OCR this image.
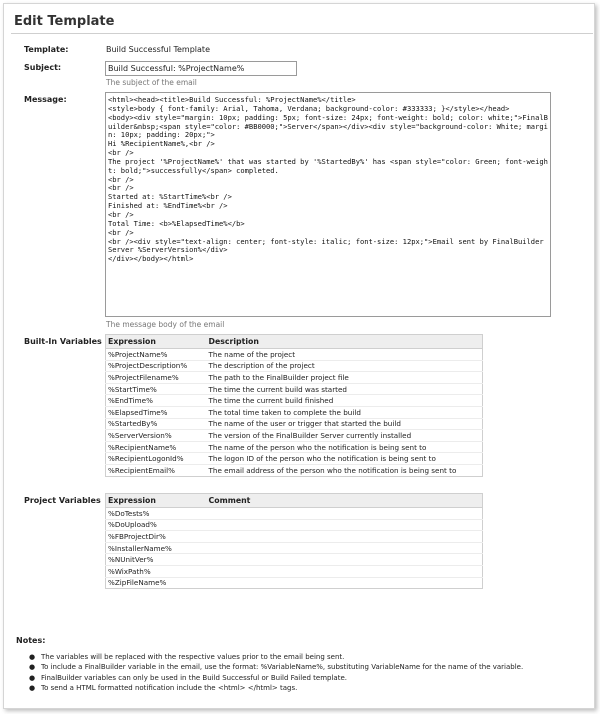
Edit Template
Template:	Build Successful Template
Subject:
Build Successful: %ProjectName%
The subject of the email
Message:	<html><head><title>Build Successful: %ProjectName%</title>
<style>body { font-family: Arial, Tahoma, Verdana; background-color: #333333; }</style></head>
<body><div style="margin: 10px; padding: 5px; font-size: 24px; font-weight: bold; color: white;">FinalBuilder&nbsp;<span style="color: #BB0000;">Server</span></div><div style="background-color: White; margin: 10px; padding: 20px;">
Hi %RecipientName%,<br />
<br />
The project '%ProjectName%' that was started by '%StartedBy%' has <span style="color: Green; font-weight: bold;">successfully</span> completed.
<br />
<br />
Started at: %StartTime%<br />
Finished at: %EndTime%<br />
<br />
Total Time: <b>%ElapsedTime%</b>
<br />
<br /><div style="text-align: center; font-style: italic; font-size: 12px;">Email sent by FinalBuilder Server %ServerVersion%</div>
</div></body></html>
The message body of the email
Built-In Variables Expression	Description
%ProjectName%	The name of the project
%ProjectDescription%	The description of the project
%ProjectFilename%	The path to the FinalBuilder project file
%StartTime%	The time the current build was started
%EndTime%	The time the current build finished
%ElapsedTime%	The total time taken to complete the build
%StartedBy%	The name of the user or trigger that started the build
%ServerVersion%	The version of the FinalBuilder Server currently installed
%RecipientName%	The name of the person who the notification is being sent to
%RecipientLogonId%	The logon ID of the person who the notification is being sent to
%RecipientEmail%	The email address of the person who the notification is being sent to
Project Variables Expression	Comment
%DoTests%	
%DoUpload%	
%FBProjectDir%	
%InstallerName%	
%NUnitVer%	
%WixPath%	
%ZipFileName%	
Notes:
● The variables will be replaced with the respective values prior to the email being sent.
● To include a FinalBuilder variable in the email, use the format: %VariableName%, substituting VariableName for the name of the variable.
● FinalBuilder variables can only be used in the Build Successful or Build Failed template.
● To send a HTML formatted notification include the <html> </html> tags.
